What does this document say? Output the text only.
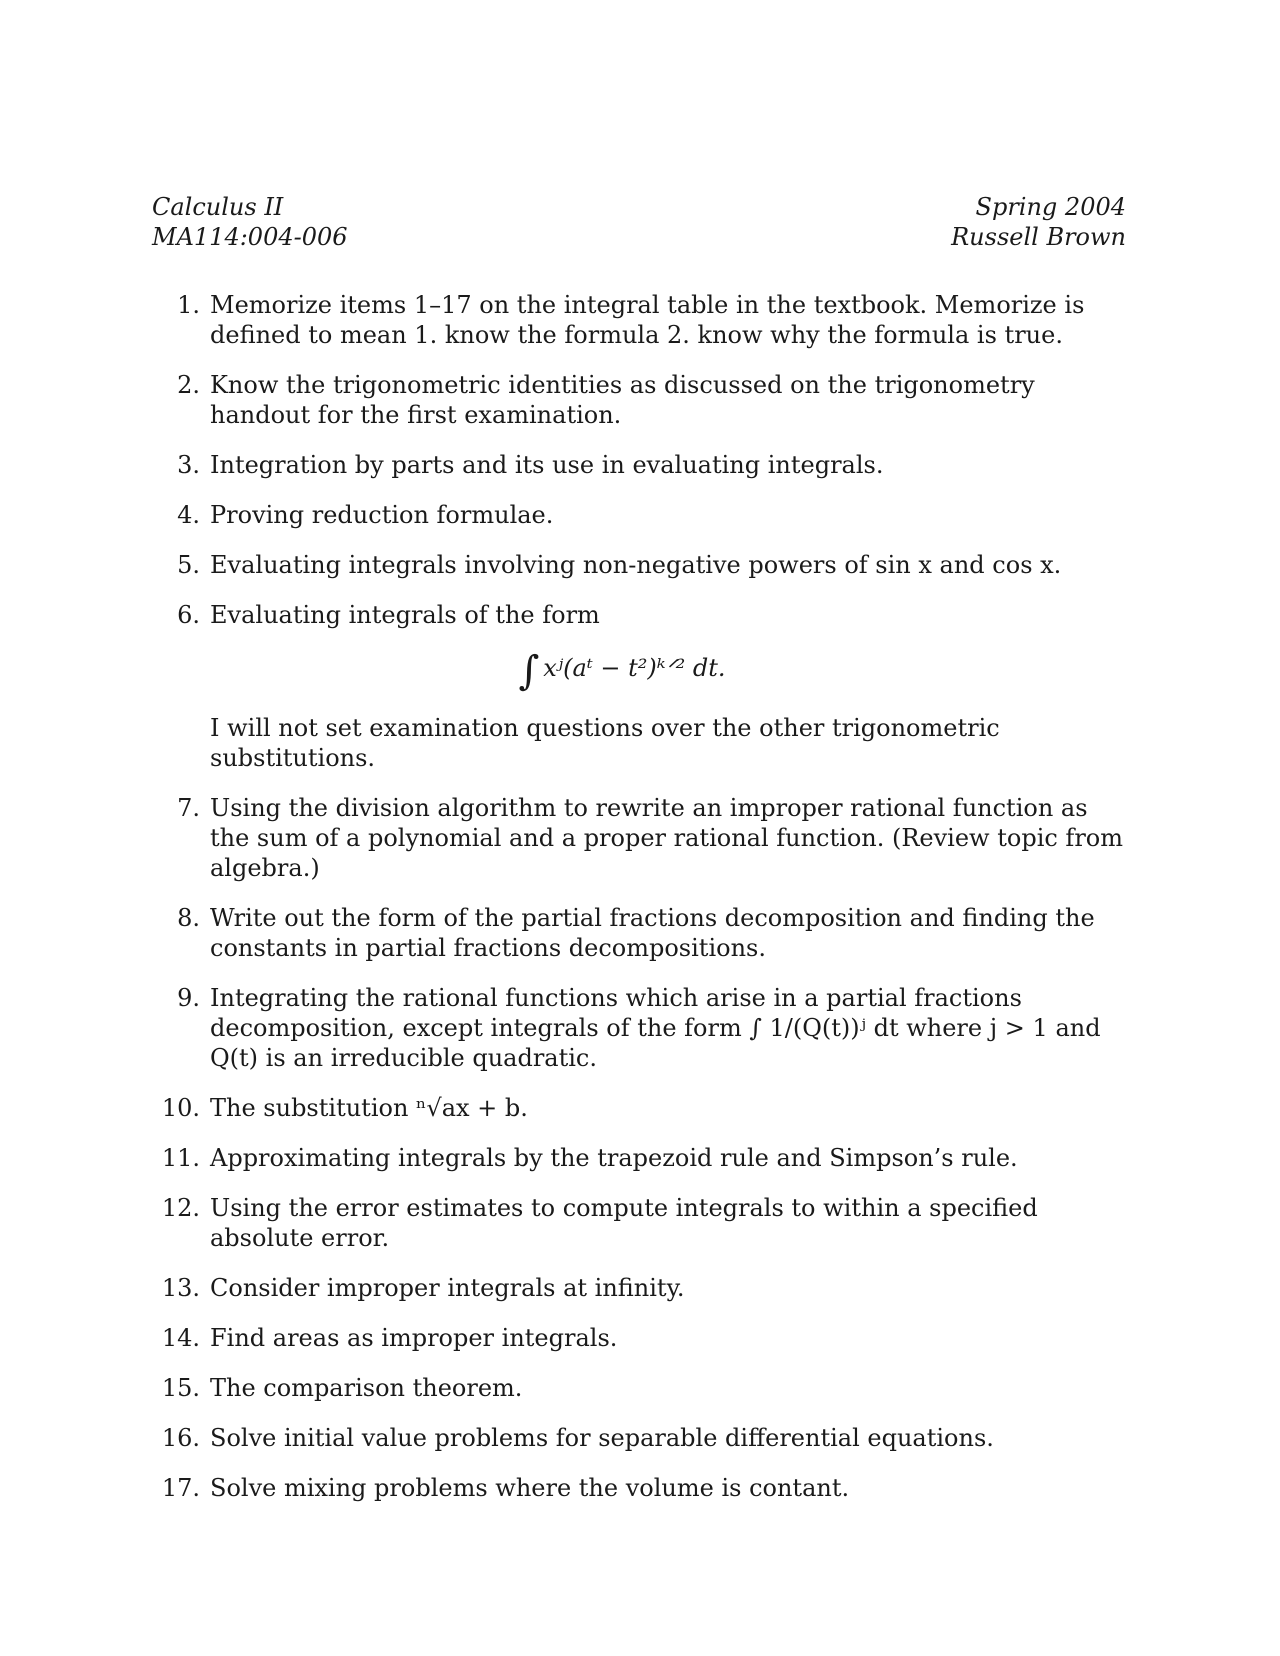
Calculus II
MA114:004-006
Spring 2004
Russell Brown
1. Memorize items 1–17 on the integral table in the textbook. Memorize is defined to mean 1. know the formula 2. know why the formula is true.
2. Know the trigonometric identities as discussed on the trigonometry handout for the first examination.
3. Integration by parts and its use in evaluating integrals.
4. Proving reduction formulae.
5. Evaluating integrals involving non-negative powers of sin x and cos x.
6. Evaluating integrals of the form
∫ xʲ(aᵗ − t²)ᵏᐟ² dt.
I will not set examination questions over the other trigonometric substitutions.
7. Using the division algorithm to rewrite an improper rational function as the sum of a polynomial and a proper rational function. (Review topic from algebra.)
8. Write out the form of the partial fractions decomposition and finding the constants in partial fractions decompositions.
9. Integrating the rational functions which arise in a partial fractions decomposition, except integrals of the form ∫ 1/(Q(t))ʲ dt where j > 1 and Q(t) is an irreducible quadratic.
10. The substitution ⁿ√ax + b.
11. Approximating integrals by the trapezoid rule and Simpson’s rule.
12. Using the error estimates to compute integrals to within a specified absolute error.
13. Consider improper integrals at infinity.
14. Find areas as improper integrals.
15. The comparison theorem.
16. Solve initial value problems for separable differential equations.
17. Solve mixing problems where the volume is contant.
